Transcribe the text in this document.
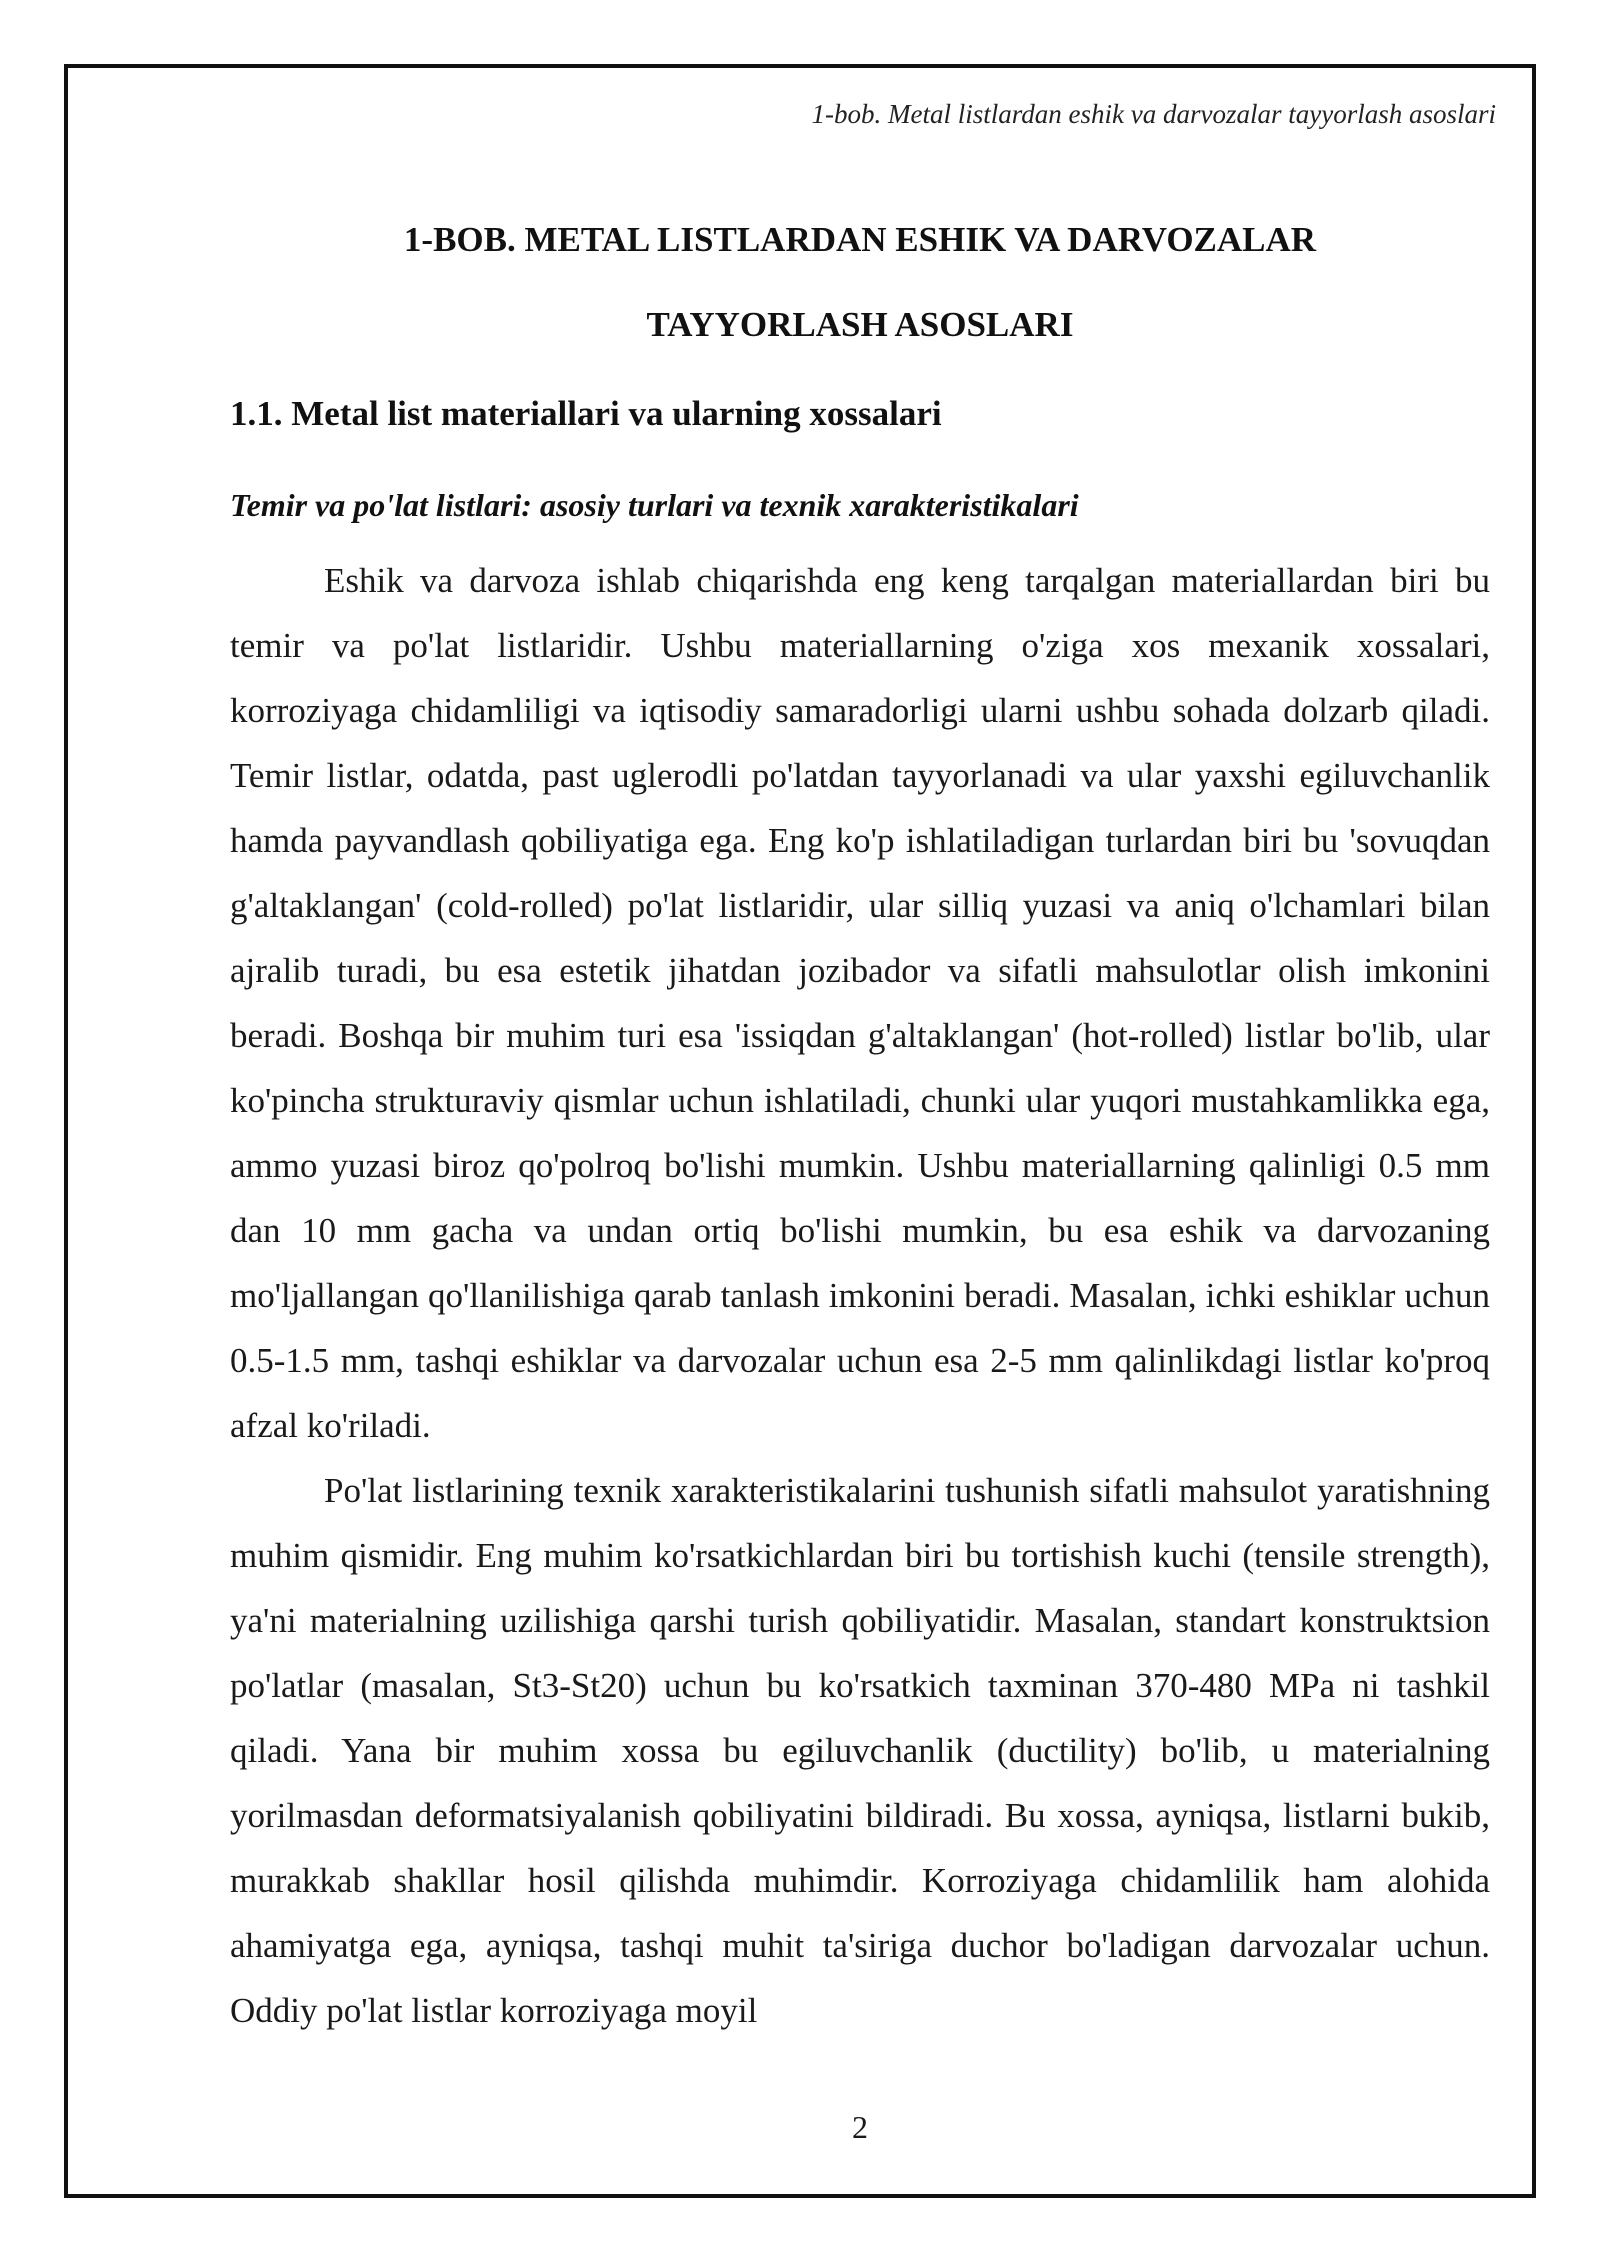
1-bob. Metal listlardan eshik va darvozalar tayyorlash asoslari
1-BOB. METAL LISTLARDAN ESHIK VA DARVOZALAR
TAYYORLASH ASOSLARI
1.1. Metal list materiallari va ularning xossalari
Temir va po'lat listlari: asosiy turlari va texnik xarakteristikalari

Eshik va darvoza ishlab chiqarishda eng keng tarqalgan materiallardan biri bu temir va po'lat listlaridir. Ushbu materiallarning o'ziga xos mexanik xossalari, korroziyaga chidamliligi va iqtisodiy samaradorligi ularni ushbu sohada dolzarb qiladi. Temir listlar, odatda, past uglerodli po'latdan tayyorlanadi va ular yaxshi egiluvchanlik hamda payvandlash qobiliyatiga ega. Eng ko'p ishlatiladigan turlardan biri bu 'sovuqdan g'altaklangan' (cold-rolled) po'lat listlaridir, ular silliq yuzasi va aniq o'lchamlari bilan ajralib turadi, bu esa estetik jihatdan jozibador va sifatli mahsulotlar olish imkonini beradi. Boshqa bir muhim turi esa 'issiqdan g'altaklangan' (hot-rolled) listlar bo'lib, ular ko'pincha strukturaviy qismlar uchun ishlatiladi, chunki ular yuqori mustahkamlikka ega, ammo yuzasi biroz qo'polroq bo'lishi mumkin. Ushbu materiallarning qalinligi 0.5 mm dan 10 mm gacha va undan ortiq bo'lishi mumkin, bu esa eshik va darvozaning mo'ljallangan qo'llanilishiga qarab tanlash imkonini beradi. Masalan, ichki eshiklar uchun 0.5-1.5 mm, tashqi eshiklar va darvozalar uchun esa 2-5 mm qalinlikdagi listlar ko'proq afzal ko'riladi.

Po'lat listlarining texnik xarakteristikalarini tushunish sifatli mahsulot yaratishning muhim qismidir. Eng muhim ko'rsatkichlardan biri bu tortishish kuchi (tensile strength), ya'ni materialning uzilishiga qarshi turish qobiliyatidir. Masalan, standart konstruktsion po'latlar (masalan, St3-St20) uchun bu ko'rsatkich taxminan 370-480 MPa ni tashkil qiladi. Yana bir muhim xossa bu egiluvchanlik (ductility) bo'lib, u materialning yorilmasdan deformatsiyalanish qobiliyatini bildiradi. Bu xossa, ayniqsa, listlarni bukib, murakkab shakllar hosil qilishda muhimdir. Korroziyaga chidamlilik ham alohida ahamiyatga ega, ayniqsa, tashqi muhit ta'siriga duchor bo'ladigan darvozalar uchun. Oddiy po'lat listlar korroziyaga moyil

2
